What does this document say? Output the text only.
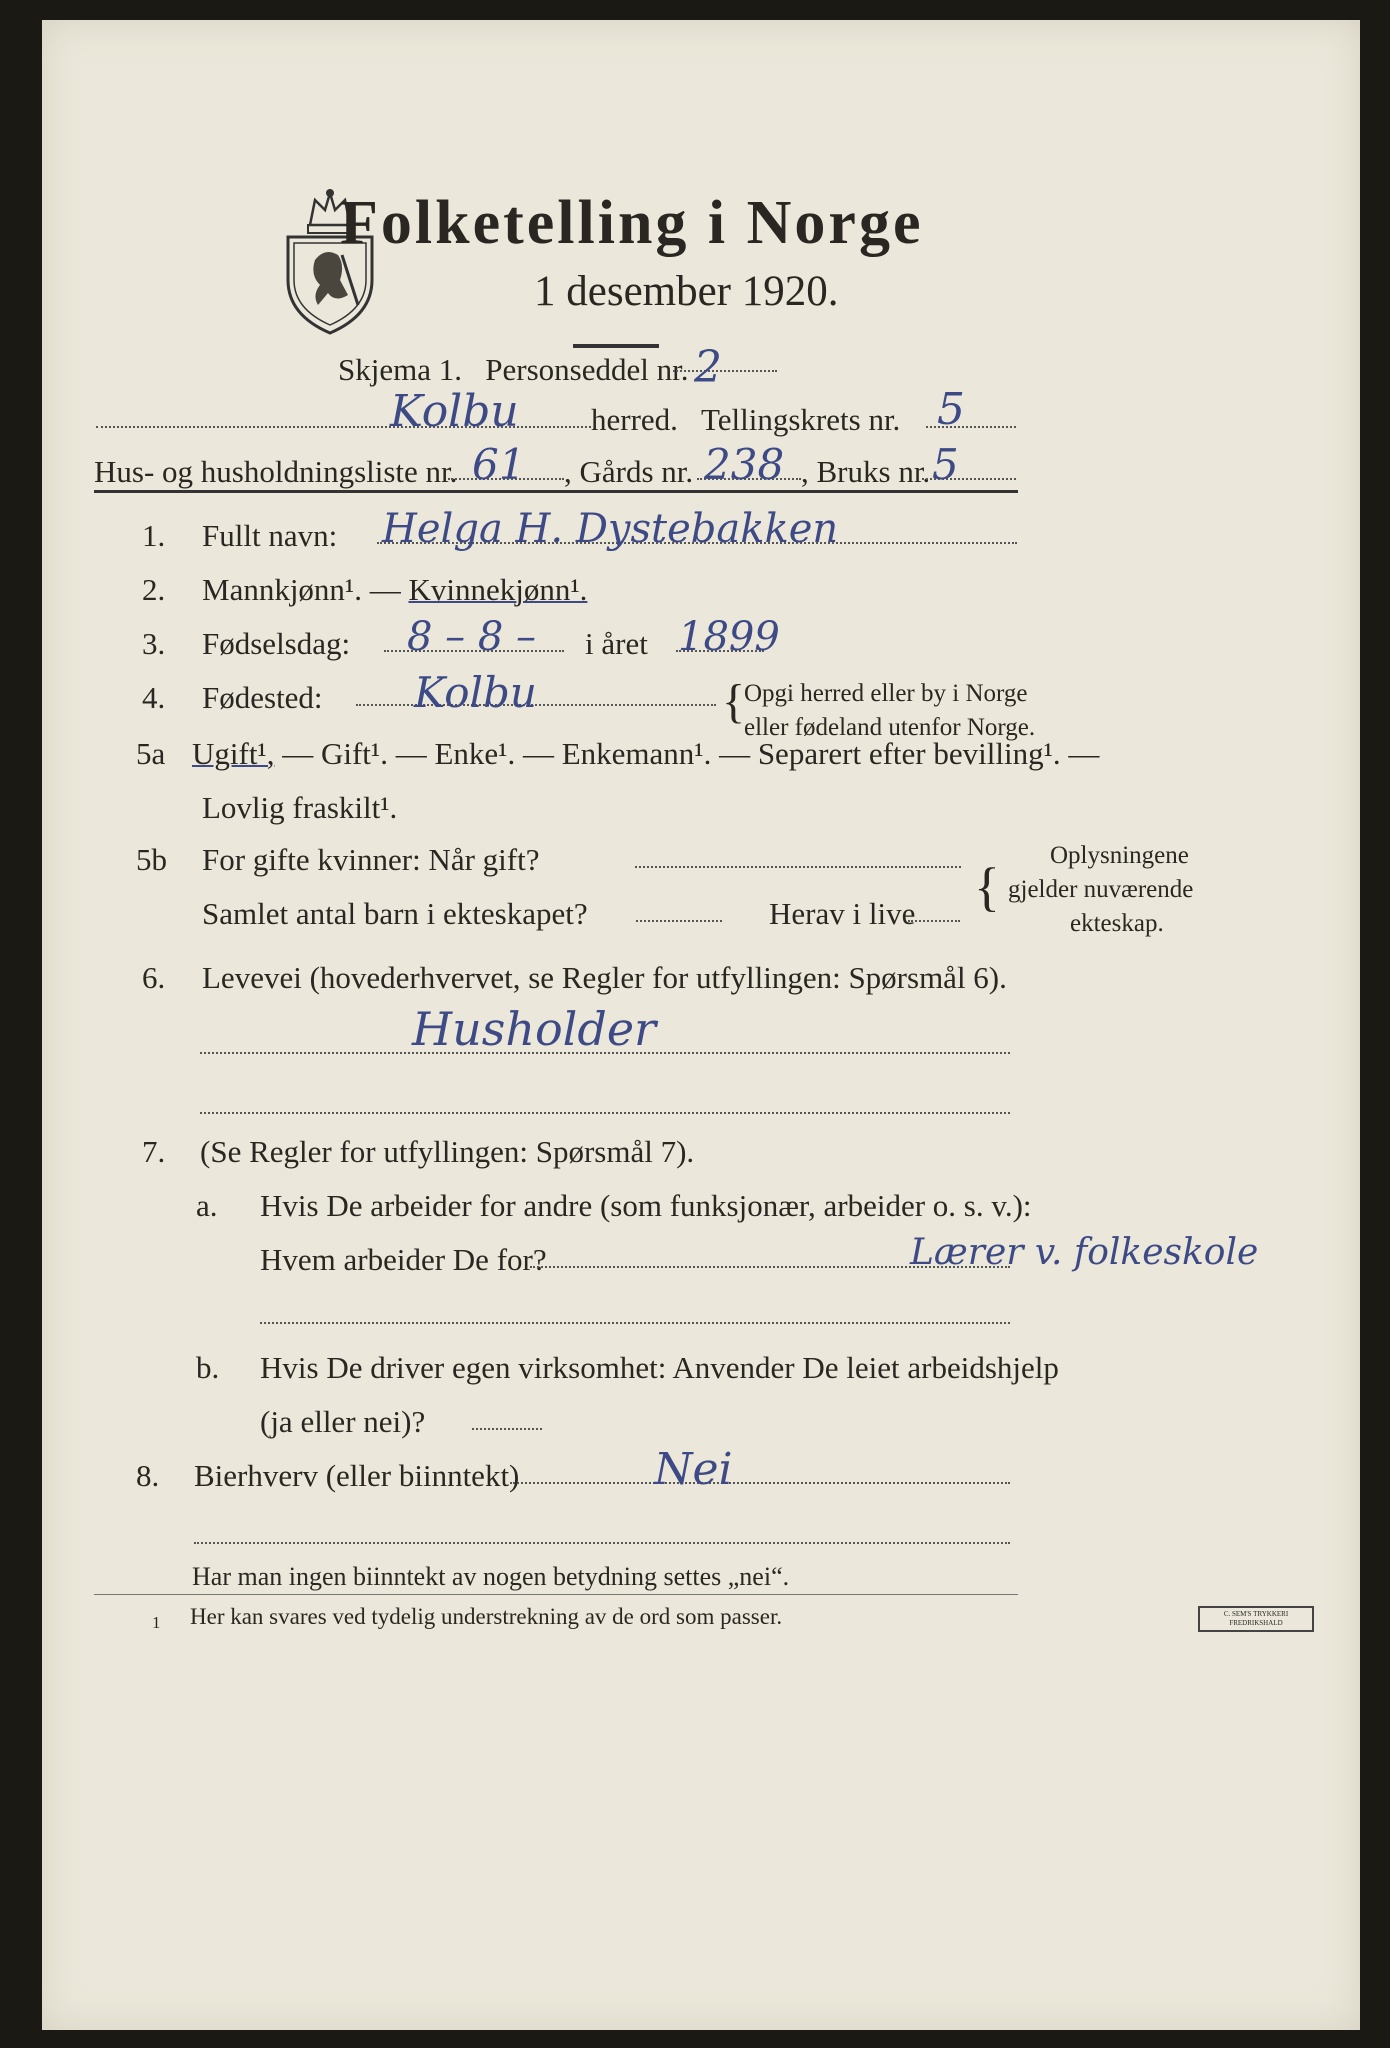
Folketelling i Norge
1 desember 1920.
Skjema 1. Personseddel nr. 2
Kolbu herred. Tellingskrets nr. 5
Hus- og husholdningsliste nr. 61 , Gårds nr. 238 , Bruks nr. 5
1. Fullt navn: Helga H. Dystebakken
2. Mannkjønn¹. — Kvinnekjønn¹.
3. Fødselsdag: 8 – 8 – i året 1899
4. Fødested: Kolbu	{
Opgi herred eller by i Norge
eller fødeland utenfor Norge.
5a Ugift¹, — Gift¹. — Enke¹. — Enkemann¹. — Separert efter bevilling¹. —
Lovlig fraskilt¹.
5b For gifte kvinner: Når gift?
Samlet antal barn i ekteskapet?	Herav i live {
Oplysningene
gjelder nuværende
ekteskap.
6. Levevei (hovederhvervet, se Regler for utfyllingen: Spørsmål 6).
Husholder
7. (Se Regler for utfyllingen: Spørsmål 7).
a. Hvis De arbeider for andre (som funksjonær, arbeider o. s. v.):
Hvem arbeider De for?	Lærer v. folkeskole
b. Hvis De driver egen virksomhet: Anvender De leiet arbeidshjelp
(ja eller nei)?
8. Bierhverv (eller biinntekt)	Nei
Har man ingen biinntekt av nogen betydning settes „nei“.
1 Her kan svares ved tydelig understrekning av de ord som passer.	C. SEM'S TRYKKERI FREDRIKSHALD
